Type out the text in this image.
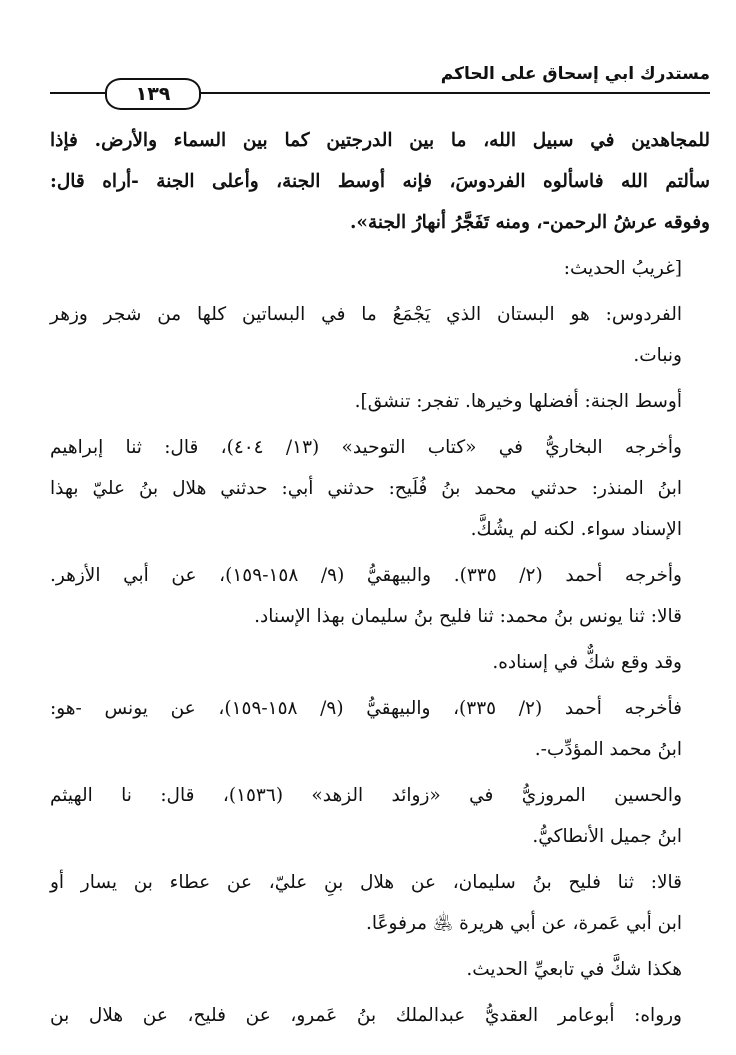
مستدرك ابي إسحاق على الحاكم
١٣٩

للمجاهدين في سبيل الله، ما بين الدرجتين كما بين السماء والأرض. فإذا
سألتم الله فاسألوه الفردوسَ، فإنه أوسط الجنة، وأعلى الجنة -أراه قال:
وفوقه عرشُ الرحمن-، ومنه تَفَجَّرُ أنهارُ الجنة».

[غريبُ الحديث:

الفردوس: هو البستان الذي يَجْمَعُ ما في البساتين كلها من شجر وزهر
ونبات.

أوسط الجنة: أفضلها وخيرها. تفجر: تنشق].

وأخرجه البخاريُّ في «كتاب التوحيد» (١٣/ ٤٠٤)، قال: ثنا إبراهيم
ابنُ المنذر: حدثني محمد بنُ فُلَيح: حدثني أبي: حدثني هلال بنُ عليّ بهذا
الإسناد سواء. لكنه لم يشُكَّ.

وأخرجه أحمد (٢/ ٣٣٥). والبيهقيُّ (٩/ ١٥٨-١٥٩)، عن أبي الأزهر.
قالا: ثنا يونس بنُ محمد: ثنا فليح بنُ سليمان بهذا الإسناد.

وقد وقع شكٌّ في إسناده.

فأخرجه أحمد (٢/ ٣٣٥)، والبيهقيُّ (٩/ ١٥٨-١٥٩)، عن يونس -هو:
ابنُ محمد المؤدِّب-.

والحسين المروزيُّ في «زوائد الزهد» (١٥٣٦)، قال: نا الهيثم
ابنُ جميل الأنطاكيُّ.

قالا: ثنا فليح بنُ سليمان، عن هلال بنِ عليّ، عن عطاء بن يسار أو
ابن أبي عَمرة، عن أبي هريرة ﵁ مرفوعًا.

هكذا شكَّ في تابعيِّ الحديث.

ورواه: أبوعامر العقديُّ عبدالملك بنُ عَمرو، عن فليح، عن هلال بن
